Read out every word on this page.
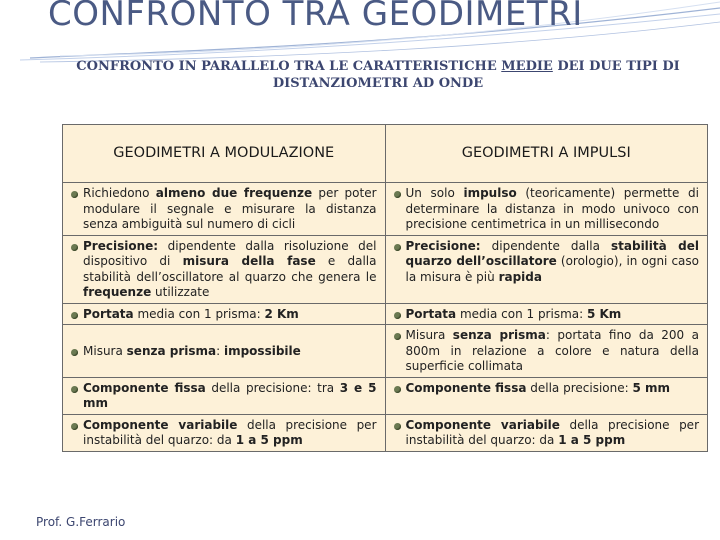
CONFRONTO TRA GEODIMETRI
CONFRONTO IN PARALLELO TRA LE CARATTERISTICHE MEDIE DEI DUE TIPI DI DISTANZIOMETRI AD ONDE
GEODIMETRI A MODULAZIONE	GEODIMETRI A IMPULSI

Richiedono almeno due frequenze per poter modulare il segnale e misurare la distanza senza ambiguità sul numero di cicli	Un solo impulso (teoricamente) permette di determinare la distanza in modo univoco con precisione centimetrica in un millisecondo

Precisione: dipendente dalla risoluzione del dispositivo di misura della fase e dalla stabilità dell’oscillatore al quarzo che genera le frequenze utilizzate	Precisione: dipendente dalla stabilità del quarzo dell’oscillatore (orologio), in ogni caso la misura è più rapida

Portata media con 1 prisma: 2 Km	Portata media con 1 prisma: 5 Km

Misura senza prisma: impossibile	Misura senza prisma: portata fino da 200 a 800m in relazione a colore e natura della superficie collimata

Componente fissa della precisione: tra 3 e 5 mm	Componente fissa della precisione: 5 mm

Componente variabile della precisione per instabilità del quarzo: da 1 a 5 ppm	Componente variabile della precisione per instabilità del quarzo: da 1 a 5 ppm
Prof. G.Ferrario
